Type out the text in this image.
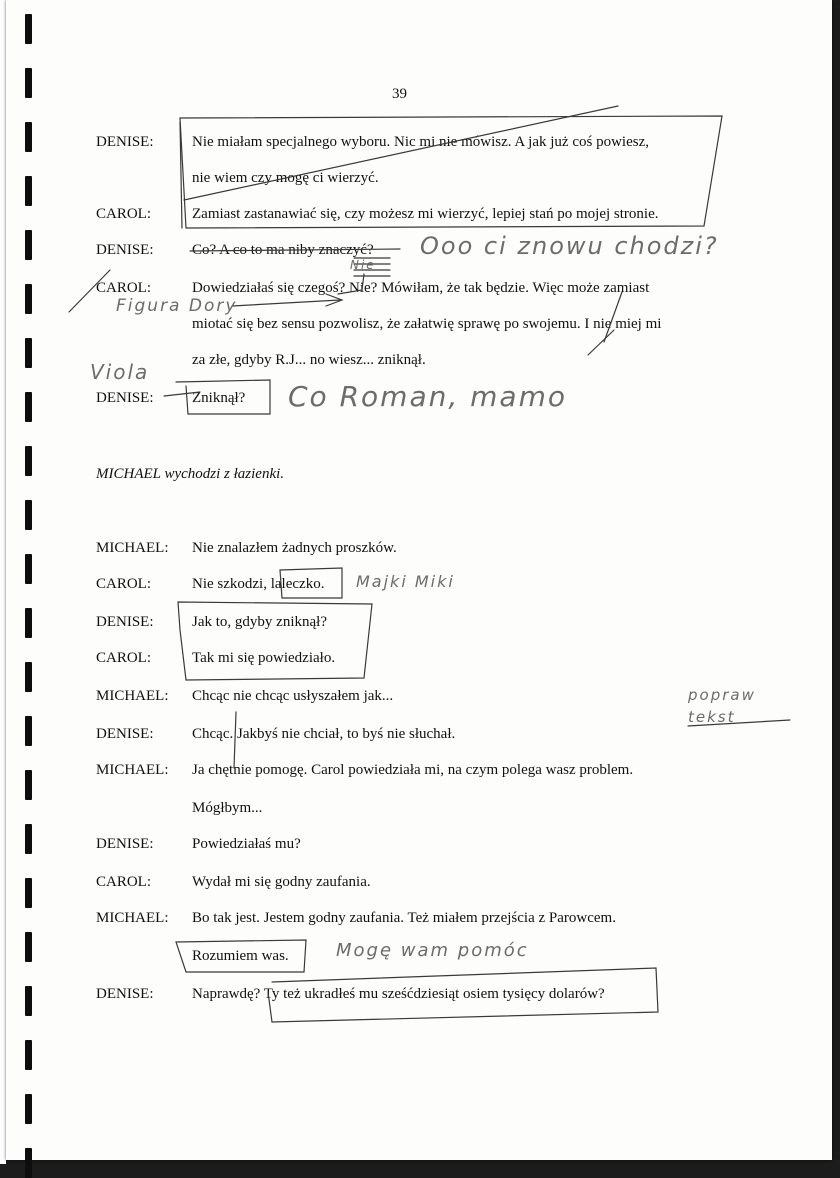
39
DENISE:
CAROL:
DENISE:
CAROL:
DENISE:
MICHAEL:
CAROL:
DENISE:
CAROL:
MICHAEL:
DENISE:
MICHAEL:
DENISE:
CAROL:
MICHAEL:
DENISE:
Nie miałam specjalnego wyboru. Nic mi nie mówisz. A jak już coś powiesz,
nie wiem czy mogę ci wierzyć.
Zamiast zastanawiać się, czy możesz mi wierzyć, lepiej stań po mojej stronie.
Co? A co to ma niby znaczyć?
Dowiedziałaś się czegoś? Nie? Mówiłam, że tak będzie. Więc może zamiast
miotać się bez sensu pozwolisz, że załatwię sprawę po swojemu. I nie miej mi
za złe, gdyby R.J... no wiesz... zniknął.
Zniknął?
MICHAEL wychodzi z łazienki.
Nie znalazłem żadnych proszków.
Nie szkodzi, laleczko.
Jak to, gdyby zniknął?
Tak mi się powiedziało.
Chcąc nie chcąc usłyszałem jak...
Chcąc. Jakbyś nie chciał, to byś nie słuchał.
Ja chętnie pomogę. Carol powiedziała mi, na czym polega wasz problem.
Mógłbym...
Powiedziałaś mu?
Wydał mi się godny zaufania.
Bo tak jest. Jestem godny zaufania. Też miałem przejścia z Parowcem.
Rozumiem was.
Naprawdę? Ty też ukradłeś mu sześćdziesiąt osiem tysięcy dolarów?
Nie
Ooo ci znowu chodzi?
Figura Dory
Viola
Co Roman, mamo
Majki Miki
popraw tekst
Mogę wam pomóc
